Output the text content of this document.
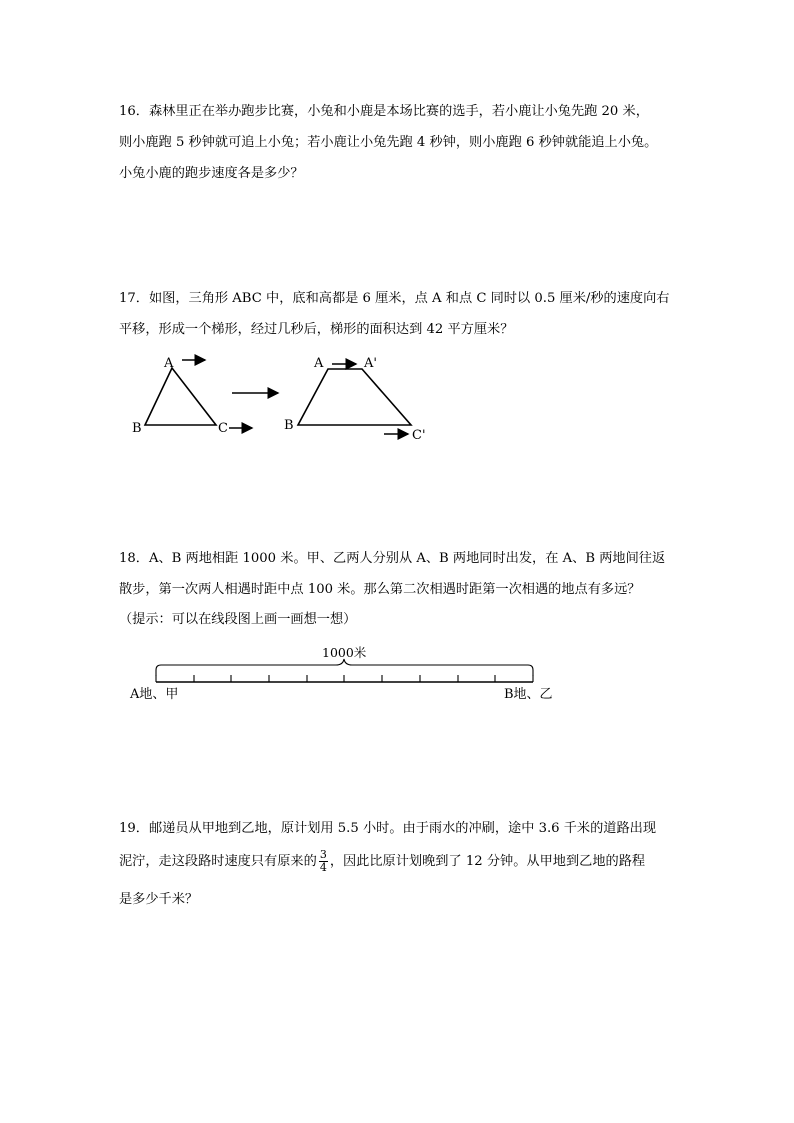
16．森林里正在举办跑步比赛，小兔和小鹿是本场比赛的选手，若小鹿让小兔先跑 20 米，
则小鹿跑 5 秒钟就可追上小兔；若小鹿让小兔先跑 4 秒钟，则小鹿跑 6 秒钟就能追上小兔。
小兔小鹿的跑步速度各是多少？
17．如图，三角形 ABC 中，底和高都是 6 厘米，点 A 和点 C 同时以 0.5 厘米/秒的速度向右
平移，形成一个梯形，经过几秒后，梯形的面积达到 42 平方厘米？
A
B	C
A	A'
B
C'
18．A、B 两地相距 1000 米。甲、乙两人分别从 A、B 两地同时出发，在 A、B 两地间往返
散步，第一次两人相遇时距中点 100 米。那么第二次相遇时距第一次相遇的地点有多远？
（提示：可以在线段图上画一画想一想）
1000米
A地、甲	B地、乙
19．邮递员从甲地到乙地，原计划用 5.5 小时。由于雨水的冲刷，途中 3.6 千米的道路出现
泥泞，走这段路时速度只有原来的 $\frac{3}{4}$ ，因此比原计划晚到了 12 分钟。从甲地到乙地的路程
是多少千米？
